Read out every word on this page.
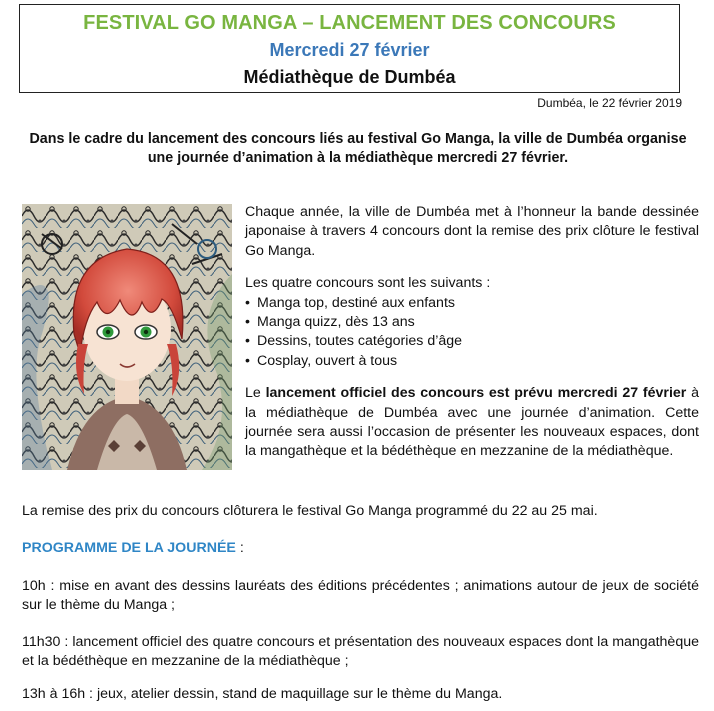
FESTIVAL GO MANGA – LANCEMENT DES CONCOURS
Mercredi 27 février
Médiathèque de Dumbéa
Dumbéa, le 22 février 2019
Dans le cadre du lancement des concours liés au festival Go Manga, la ville de Dumbéa organise une journée d’animation à la médiathèque mercredi 27 février.

Chaque année, la ville de Dumbéa met à l’honneur la bande dessinée japonaise à travers 4 concours dont la remise des prix clôture le festival Go Manga.

Les quatre concours sont les suivants :

• Manga top, destiné aux enfants
• Manga quizz, dès 13 ans
• Dessins, toutes catégories d’âge
• Cosplay, ouvert à tous

Le lancement officiel des concours est prévu mercredi 27 février à la médiathèque de Dumbéa avec une journée d’animation. Cette journée sera aussi l’occasion de présenter les nouveaux espaces, dont la mangathèque et la bédéthèque en mezzanine de la médiathèque.

La remise des prix du concours clôturera le festival Go Manga programmé du 22 au 25 mai.
PROGRAMME DE LA JOURNÉE :
10h : mise en avant des dessins lauréats des éditions précédentes ; animations autour de jeux de société sur le thème du Manga ;
11h30 : lancement officiel des quatre concours et présentation des nouveaux espaces dont la mangathèque et la bédéthèque en mezzanine de la médiathèque ;
13h à 16h : jeux, atelier dessin, stand de maquillage sur le thème du Manga.
